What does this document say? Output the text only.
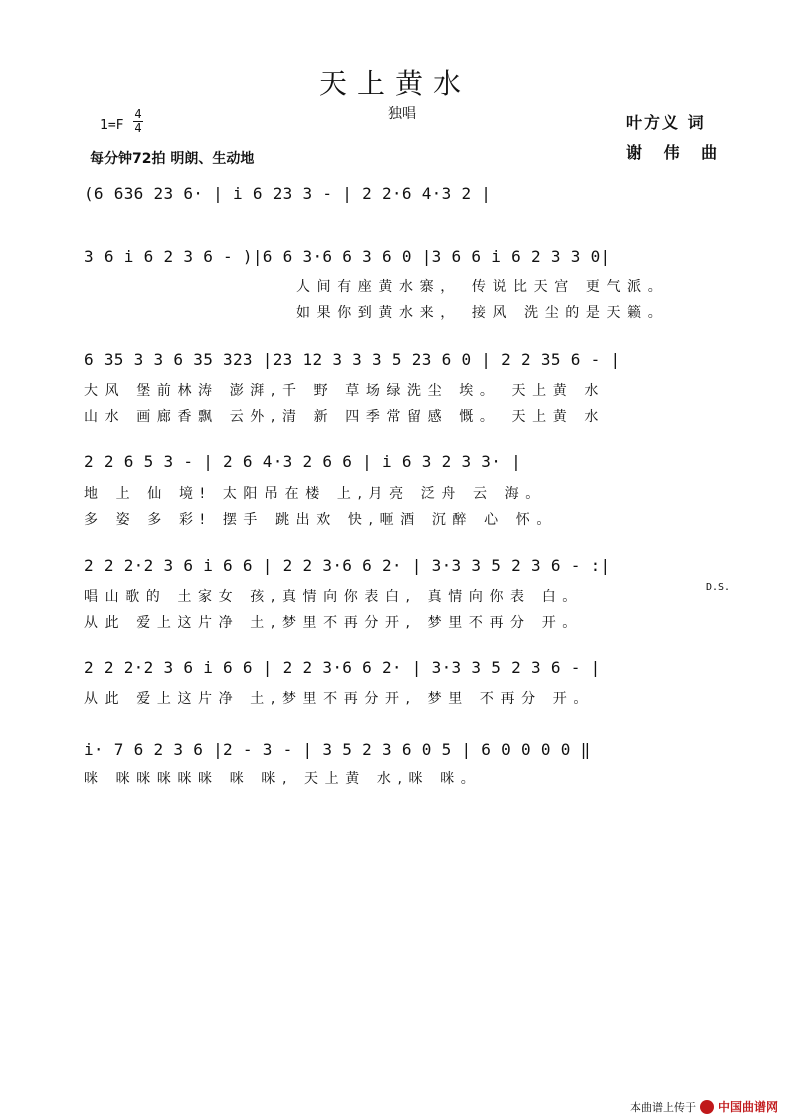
天上黄水
独唱
1=F
4
4
每分钟72拍 明朗、生动地
叶方义 词
谢 伟 曲
(6 636 23 6· | i 6 23 3 - | 2 2·6 4·3 2 |
3 6 i 6 2 3 6 - )|6 6 3·6 6 3 6 0 |3 6 6 i 6 2 3 3 0|
人间有座黄水寨， 传说比天宫 更气派。
如果你到黄水来， 接风 洗尘的是天籁。
6 35 3 3 6 35 323 |23 12 3 3 3 5 23 6 0 | 2 2 35 6 - |
大风 堡前林涛 澎湃,千 野 草场绿洗尘 埃。 天上黄 水
山水 画廊香飘 云外,清 新 四季常留感 慨。 天上黄 水
2 2 6 5 3 - | 2 6 4·3 2 6 6 | i 6 3 2 3 3· |
地 上 仙 境! 太阳吊在楼 上,月亮 泛舟 云 海。
多 姿 多 彩! 摆手 跳出欢 快,咂酒 沉醉 心 怀。
2 2 2·2 3 6 i 6 6 | 2 2 3·6 6 2· | 3·3 3 5 2 3 6 - :|
唱山歌的 土家女 孩,真情向你表白, 真情向你表 白。
从此 爱上这片净 土,梦里不再分开, 梦里不再分 开。
D.S.
2 2 2·2 3 6 i 6 6 | 2 2 3·6 6 2· | 3·3 3 5 2 3 6 - |
从此 爱上这片净 土,梦里不再分开, 梦里 不再分 开。
i· 7 6 2 3 6 |2 - 3 - | 3 5 2 3 6 0 5 | 6 0 0 0 0 ‖
咪 咪咪咪咪咪 咪 咪, 天上黄 水,咪 咪。
本曲谱上传于 中国曲谱网
